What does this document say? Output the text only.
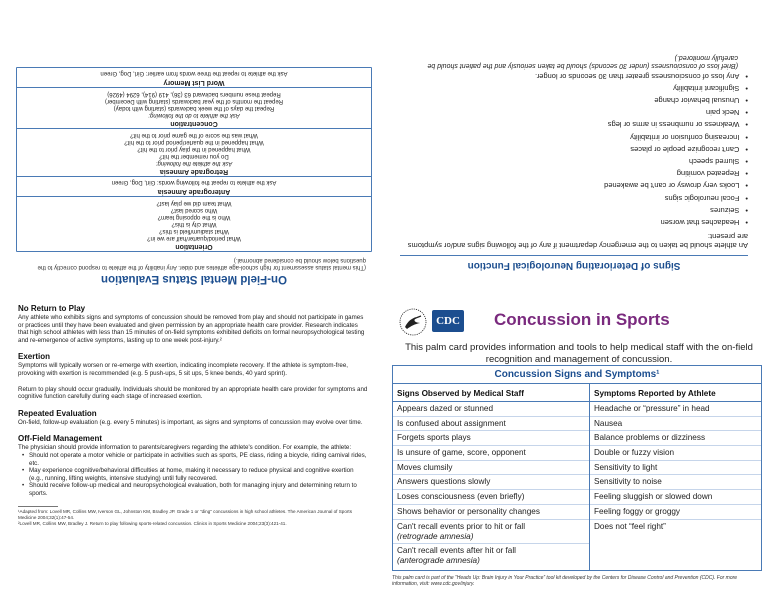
On-Field Mental Status Evaluation
(This mental status assessment for high school-age athletes and older. Any inability of the athlete to respond correctly to the questions below should be considered abnormal.)
Orientation
What period/quarter/half are we in?
What stadium/field is this?
What city is this?
Who is the opposing team?
Who scored last?
What team did we play last?
Anterograde Amnesia
Ask the athlete to repeat the following words: Girl, Dog, Green
Retrograde Amnesia
Ask the athlete the following:
Do you remember the hit?
What happened in the play prior to the hit?
What happened in the quarter/period prior to the hit?
What was the score of the game prior to the hit?
Concentration
Ask the athlete to do the following:
Repeat the days of the week backwards (starting with today)
Repeat the months of the year backwards (starting with December)
Repeat these numbers backward 63 (36), 419 (914), 6294 (4926)
Word List Memory
Ask the athlete to repeat the three words from earlier: Girl, Dog, Green
Signs of Deteriorating Neurological Function
An athlete should be taken to the emergency department if any of the following signs and/or symptoms are present:
• Headaches that worsen
• Seizures
• Focal neurologic signs
• Looks very drowsy or can't be awakened
• Repeated vomiting
• Slurred speech
• Can't recognize people or places
• Increasing confusion or irritability
• Weakness or numbness in arms or legs
• Neck pain
• Unusual behavior change
• Significant irritability
• Any loss of consciousness greater than 30 seconds or longer.
(Brief loss of consciousness (under 30 seconds) should be taken seriously and the patient should be carefully monitored.)
No Return to Play
Any athlete who exhibits signs and symptoms of concussion should be removed from play and should not participate in games or practices until they have been evaluated and given permission by an appropriate health care provider. Research indicates that high school athletes with less than 15 minutes of on-field symptoms exhibited deficits on formal neuropsychological testing and re-emergence of active symptoms, lasting up to one week post-injury.²
Exertion
Symptoms will typically worsen or re-emerge with exertion, indicating incomplete recovery. If the athlete is symptom-free, provoking with exertion is recommended (e.g. 5 push-ups, 5 sit ups, 5 knee bends, 40 yard sprint).
Return to play should occur gradually. Individuals should be monitored by an appropriate health care provider for symptoms and cognitive function carefully during each stage of increased exertion.
Repeated Evaluation
On-field, follow-up evaluation (e.g. every 5 minutes) is important, as signs and symptoms of concussion may evolve over time.
Off-Field Management
The physician should provide information to parents/caregivers regarding the athlete's condition. For example, the athlete:
• Should not operate a motor vehicle or participate in activities such as sports, PE class, riding a bicycle, riding carnival rides, etc.
• May experience cognitive/behavioral difficulties at home, making it necessary to reduce physical and cognitive exertion (e.g., running, lifting weights, intensive studying) until fully recovered.
• Should receive follow-up medical and neuropsychological evaluation, both for managing injury and determining return to sports.
¹Adapted from: Lovell MR, Collins MW, Iverson GL, Johnston KM, Bradley JP. Grade 1 or "ding" concussions in high school athletes. The American Journal of Sports Medicine 2004;32(1):47-54.
²Lovell MR, Collins MW, Bradley J. Return to play following sports-related concussion. Clinics in Sports Medicine 2004;23(3):421-41.
CDC Concussion in Sports
This palm card provides information and tools to help medical staff with the on-field recognition and management of concussion.
Concussion Signs and Symptoms¹
Signs Observed by Medical Staff
Appears dazed or stunned
Is confused about assignment
Forgets sports plays
Is unsure of game, score, opponent
Moves clumsily
Answers questions slowly
Loses consciousness (even briefly)
Shows behavior or personality changes
Can't recall events prior to hit or fall
(retrograde amnesia)
Can't recall events after hit or fall
(anterograde amnesia)
Symptoms Reported by Athlete
Headache or “pressure” in head
Nausea
Balance problems or dizziness
Double or fuzzy vision
Sensitivity to light
Sensitivity to noise
Feeling sluggish or slowed down
Feeling foggy or groggy
Does not “feel right”
This palm card is part of the “Heads Up: Brain Injury in Your Practice” tool kit developed by the Centers for Disease Control and Prevention (CDC). For more information, visit: www.cdc.gov/injury.
